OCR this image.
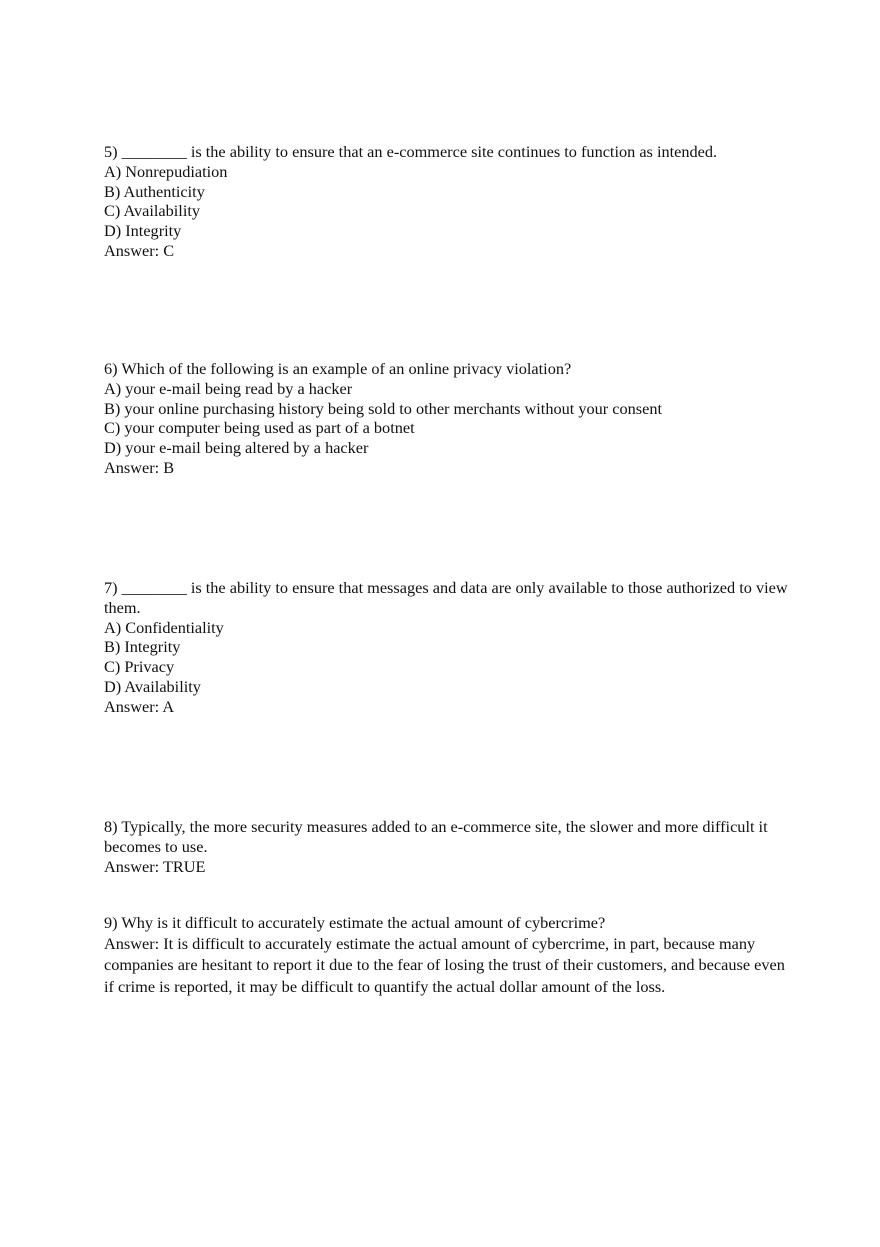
5) ________ is the ability to ensure that an e-commerce site continues to function as intended.
A) Nonrepudiation
B) Authenticity
C) Availability
D) Integrity
Answer: C
6) Which of the following is an example of an online privacy violation?
A) your e-mail being read by a hacker
B) your online purchasing history being sold to other merchants without your consent
C) your computer being used as part of a botnet
D) your e-mail being altered by a hacker
Answer: B
7) ________ is the ability to ensure that messages and data are only available to those authorized to view them.
A) Confidentiality
B) Integrity
C) Privacy
D) Availability
Answer: A
8) Typically, the more security measures added to an e-commerce site, the slower and more difficult it becomes to use.
Answer: TRUE
9) Why is it difficult to accurately estimate the actual amount of cybercrime?
Answer: It is difficult to accurately estimate the actual amount of cybercrime, in part, because many companies are hesitant to report it due to the fear of losing the trust of their customers, and because even if crime is reported, it may be difficult to quantify the actual dollar amount of the loss.
